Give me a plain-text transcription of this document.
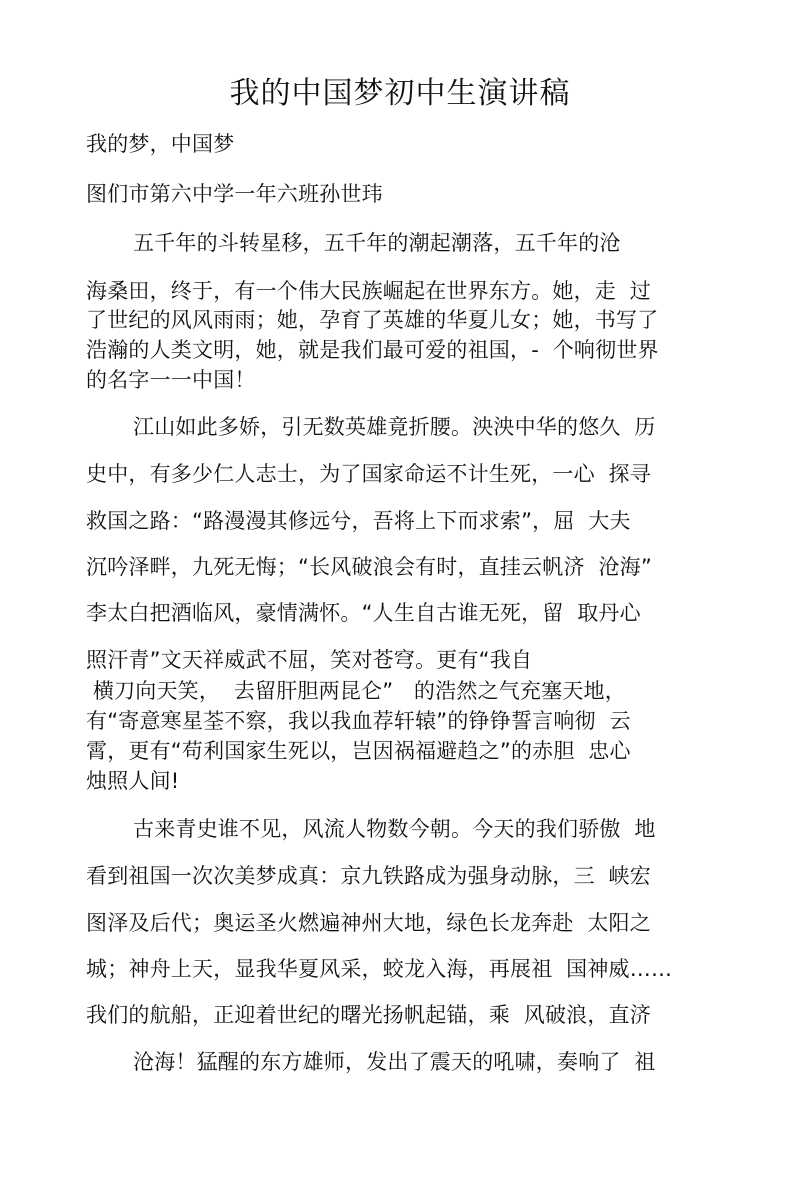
我的中国梦初中生演讲稿
我的梦，中国梦
图们市第六中学一年六班孙世玮
五千年的斗转星移，五千年的潮起潮落，五千年的沧
海桑田，终于，有一个伟大民族崛起在世界东方。她，走  过
了世纪的风风雨雨；她，孕育了英雄的华夏儿女；她，书写了
浩瀚的人类文明，她，就是我们最可爱的祖国，-  个响彻世界
的名字一一中国！
江山如此多娇，引无数英雄竟折腰。泱泱中华的悠久  历
史中，有多少仁人志士，为了国家命运不计生死，一心  探寻
救国之路：“路漫漫其修远兮，吾将上下而求索”，屈  大夫
沉吟泽畔，九死无悔；“长风破浪会有时，直挂云帆济  沧海”
李太白把酒临风，豪情满怀。“人生自古谁无死，留  取丹心
照汗青”文天祥威武不屈，笑对苍穹。更有“我自
横刀向天笑，  去留肝胆两昆仑”   的浩然之气充塞天地，
有“寄意寒星荃不察，我以我血荐轩辕”的铮铮誓言响彻  云
霄，更有“苟利国家生死以，岂因祸福避趋之”的赤胆  忠心
烛照人间!
古来青史谁不见，风流人物数今朝。今天的我们骄傲  地
看到祖国一次次美梦成真：京九铁路成为强身动脉，三  峡宏
图泽及后代；奥运圣火燃遍神州大地，绿色长龙奔赴  太阳之
城；神舟上天，显我华夏风采，蛟龙入海，再展祖  国神威……
我们的航船，正迎着世纪的曙光扬帆起锚，乘  风破浪，直济
沧海！猛醒的东方雄师，发出了震天的吼啸，奏响了  祖
